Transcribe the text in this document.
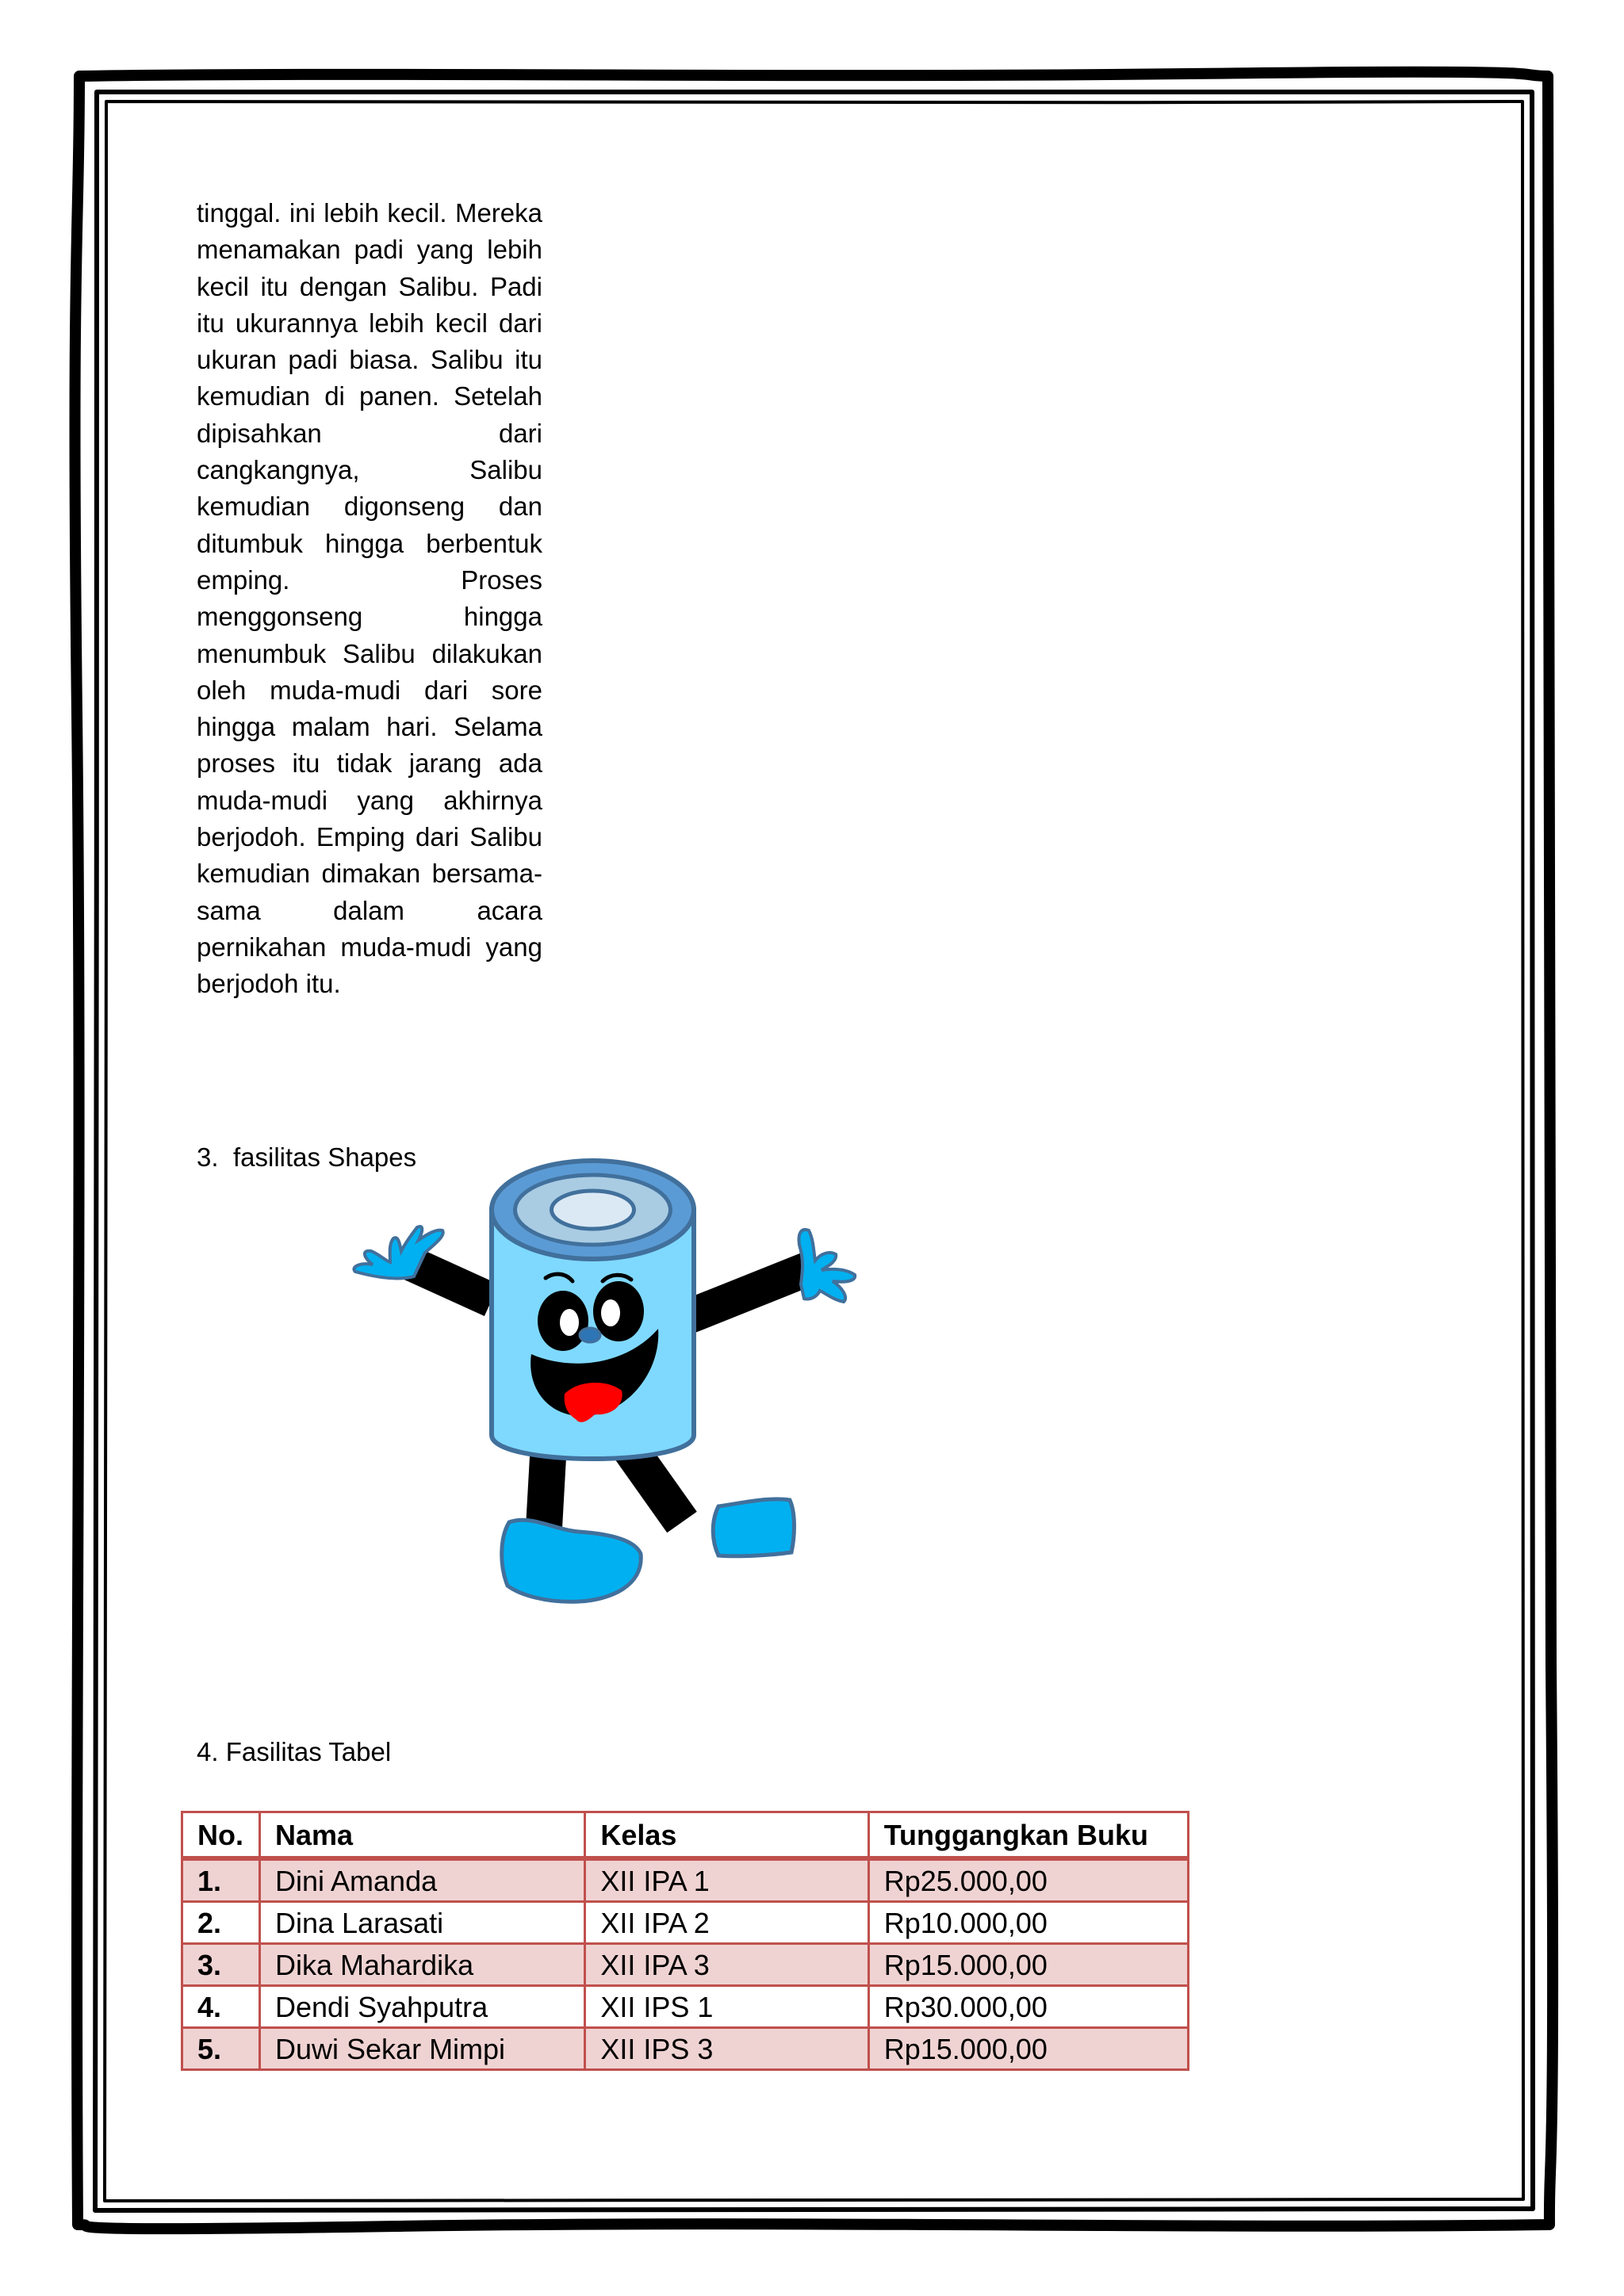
tinggal. ini lebih kecil. Mereka menamakan padi yang lebih kecil itu dengan Salibu. Padi itu ukurannya lebih kecil dari ukuran padi biasa. Salibu itu kemudian di panen. Setelah dipisahkan dari cangkangnya, Salibu kemudian digonseng dan ditumbuk hingga berbentuk emping. Proses menggonseng hingga menumbuk Salibu dilakukan oleh muda-mudi dari sore hingga malam hari. Selama proses itu tidak jarang ada muda-mudi yang akhirnya berjodoh. Emping dari Salibu kemudian dimakan bersama-sama dalam acara pernikahan muda-mudi yang berjodoh itu.

3. fasilitas Shapes
4. Fasilitas Tabel
No.	Nama	Kelas	Tunggangkan Buku
1.	Dini Amanda	XII IPA 1	Rp25.000,00
2.	Dina Larasati	XII IPA 2	Rp10.000,00
3.	Dika Mahardika	XII IPA 3	Rp15.000,00
4.	Dendi Syahputra	XII IPS 1	Rp30.000,00
5.	Duwi Sekar Mimpi	XII IPS 3	Rp15.000,00
